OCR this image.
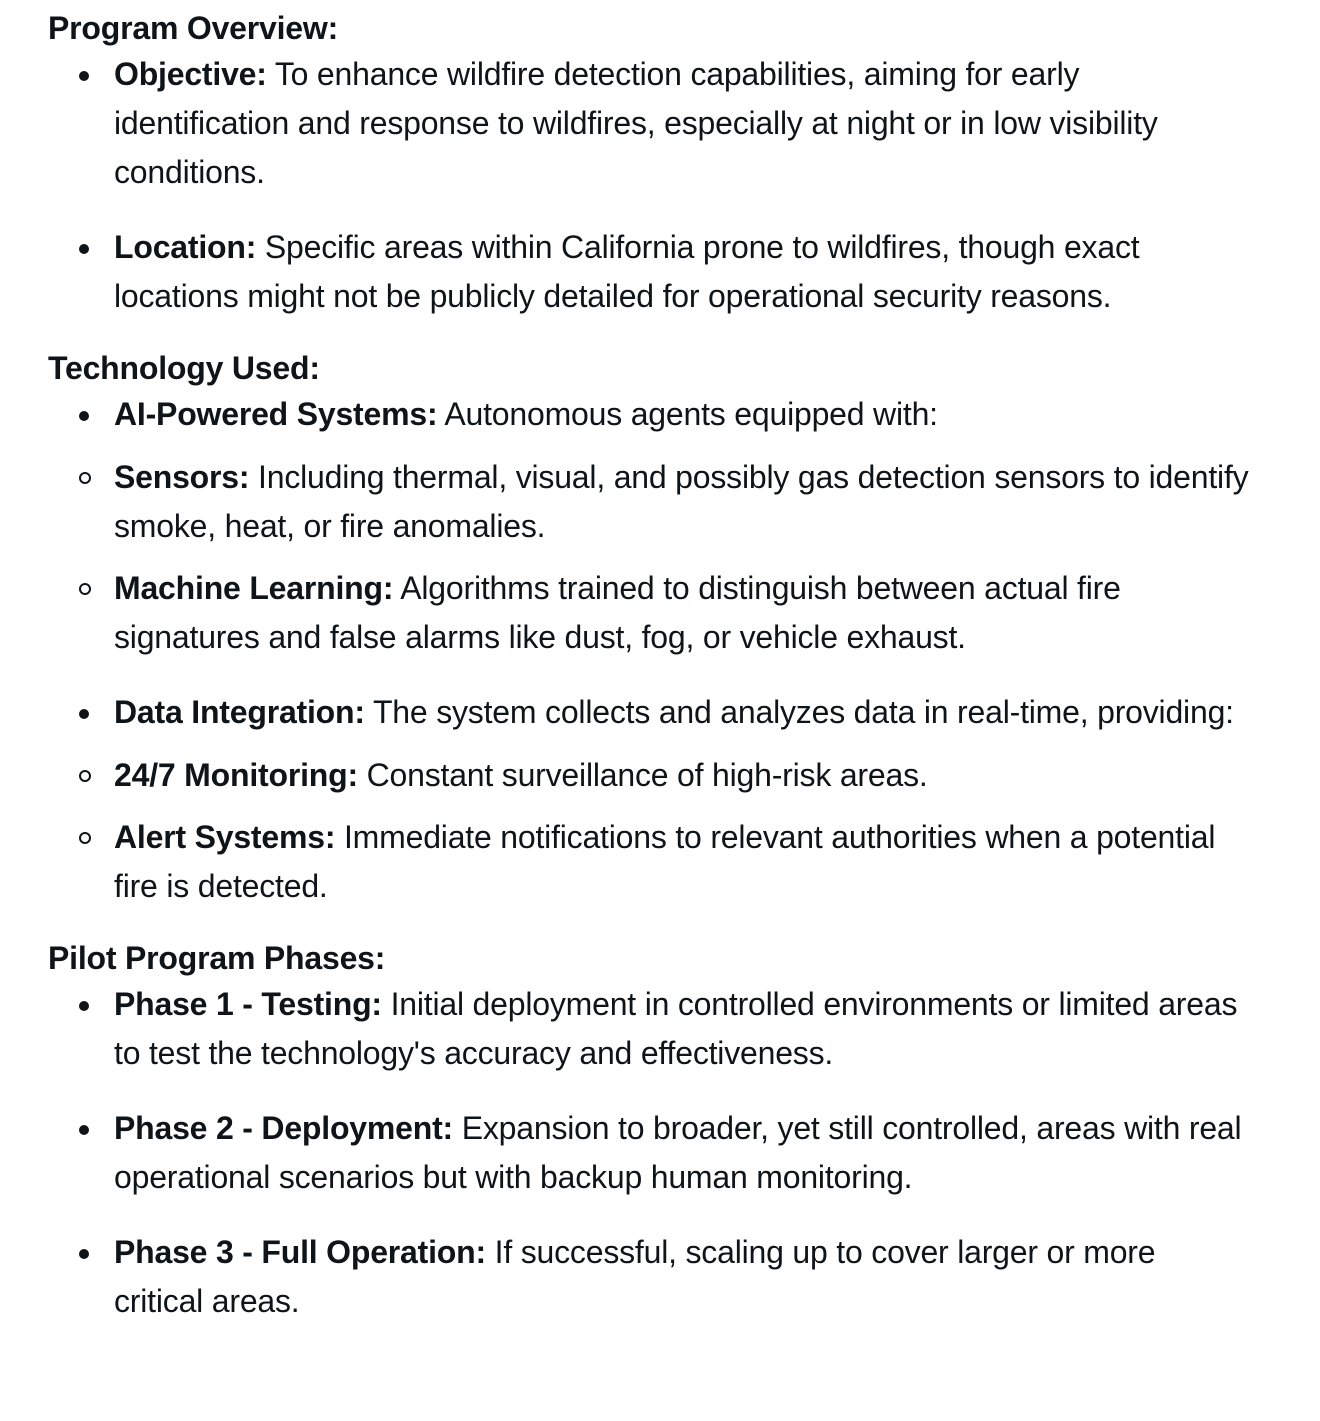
Program Overview:
Objective: To enhance wildfire detection capabilities, aiming for early identification and response to wildfires, especially at night or in low visibility conditions.
Location: Specific areas within California prone to wildfires, though exact locations might not be publicly detailed for operational security reasons.
Technology Used:
AI-Powered Systems: Autonomous agents equipped with:
Sensors: Including thermal, visual, and possibly gas detection sensors to identify smoke, heat, or fire anomalies.
Machine Learning: Algorithms trained to distinguish between actual fire signatures and false alarms like dust, fog, or vehicle exhaust.
Data Integration: The system collects and analyzes data in real-time, providing:
24/7 Monitoring: Constant surveillance of high-risk areas.
Alert Systems: Immediate notifications to relevant authorities when a potential fire is detected.
Pilot Program Phases:
Phase 1 - Testing: Initial deployment in controlled environments or limited areas to test the technology's accuracy and effectiveness.
Phase 2 - Deployment: Expansion to broader, yet still controlled, areas with real operational scenarios but with backup human monitoring.
Phase 3 - Full Operation: If successful, scaling up to cover larger or more critical areas.
